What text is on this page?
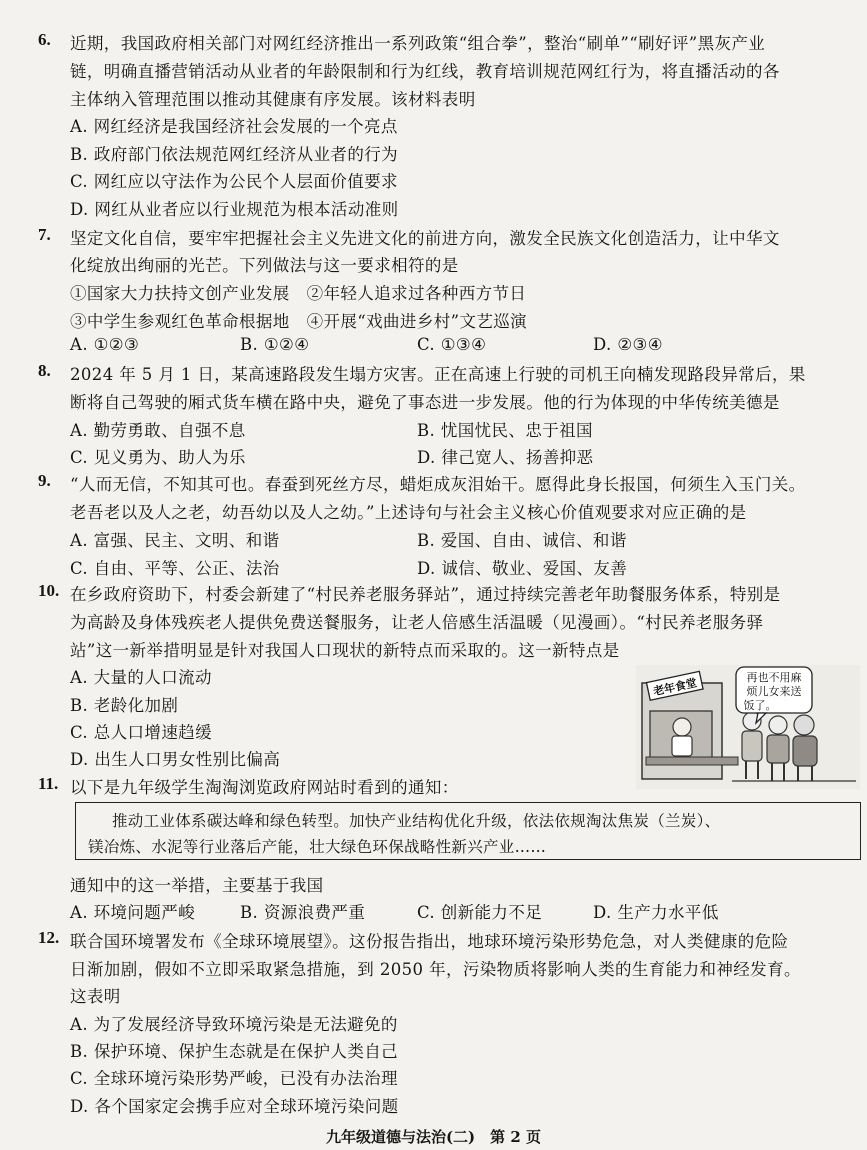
6. 近期，我国政府相关部门对网红经济推出一系列政策“组合拳”，整治“刷单”“刷好评”黑灰产业
链，明确直播营销活动从业者的年龄限制和行为红线，教育培训规范网红行为，将直播活动的各
主体纳入管理范围以推动其健康有序发展。该材料表明
A. 网红经济是我国经济社会发展的一个亮点
B. 政府部门依法规范网红经济从业者的行为
C. 网红应以守法作为公民个人层面价值要求
D. 网红从业者应以行业规范为根本活动准则
7. 坚定文化自信，要牢牢把握社会主义先进文化的前进方向，激发全民族文化创造活力，让中华文
化绽放出绚丽的光芒。下列做法与这一要求相符的是
①国家大力扶持文创产业发展　②年轻人追求过各种西方节日
③中学生参观红色革命根据地　④开展“戏曲进乡村”文艺巡演
A. ①②③	B. ①②④	C. ①③④	D. ②③④
8. 2024 年 5 月 1 日，某高速路段发生塌方灾害。正在高速上行驶的司机王向楠发现路段异常后，果
断将自己驾驶的厢式货车横在路中央，避免了事态进一步发展。他的行为体现的中华传统美德是
A. 勤劳勇敢、自强不息	B. 忧国忧民、忠于祖国
C. 见义勇为、助人为乐	D. 律己宽人、扬善抑恶
9. “人而无信，不知其可也。春蚕到死丝方尽，蜡炬成灰泪始干。愿得此身长报国，何须生入玉门关。
老吾老以及人之老，幼吾幼以及人之幼。”上述诗句与社会主义核心价值观要求对应正确的是
A. 富强、民主、文明、和谐	B. 爱国、自由、诚信、和谐
C. 自由、平等、公正、法治	D. 诚信、敬业、爱国、友善
10. 在乡政府资助下，村委会新建了“村民养老服务驿站”，通过持续完善老年助餐服务体系，特别是
为高龄及身体残疾老人提供免费送餐服务，让老人倍感生活温暖（见漫画）。“村民养老服务驿
站”这一新举措明显是针对我国人口现状的新特点而采取的。这一新特点是
A. 大量的人口流动
B. 老龄化加剧
C. 总人口增速趋缓
D. 出生人口男女性别比偏高
老年食堂	再也不用麻
烦儿女来送
饭了。
11. 以下是九年级学生淘淘浏览政府网站时看到的通知：
推动工业体系碳达峰和绿色转型。加快产业结构优化升级，依法依规淘汰焦炭（兰炭）、
镁冶炼、水泥等行业落后产能，壮大绿色环保战略性新兴产业……
通知中的这一举措，主要基于我国
A. 环境问题严峻	B. 资源浪费严重	C. 创新能力不足	D. 生产力水平低
12. 联合国环境署发布《全球环境展望》。这份报告指出，地球环境污染形势危急，对人类健康的危险
日渐加剧，假如不立即采取紧急措施，到 2050 年，污染物质将影响人类的生育能力和神经发育。
这表明
A. 为了发展经济导致环境污染是无法避免的
B. 保护环境、保护生态就是在保护人类自己
C. 全球环境污染形势严峻，已没有办法治理
D. 各个国家定会携手应对全球环境污染问题
九年级道德与法治(二)　第 2 页
